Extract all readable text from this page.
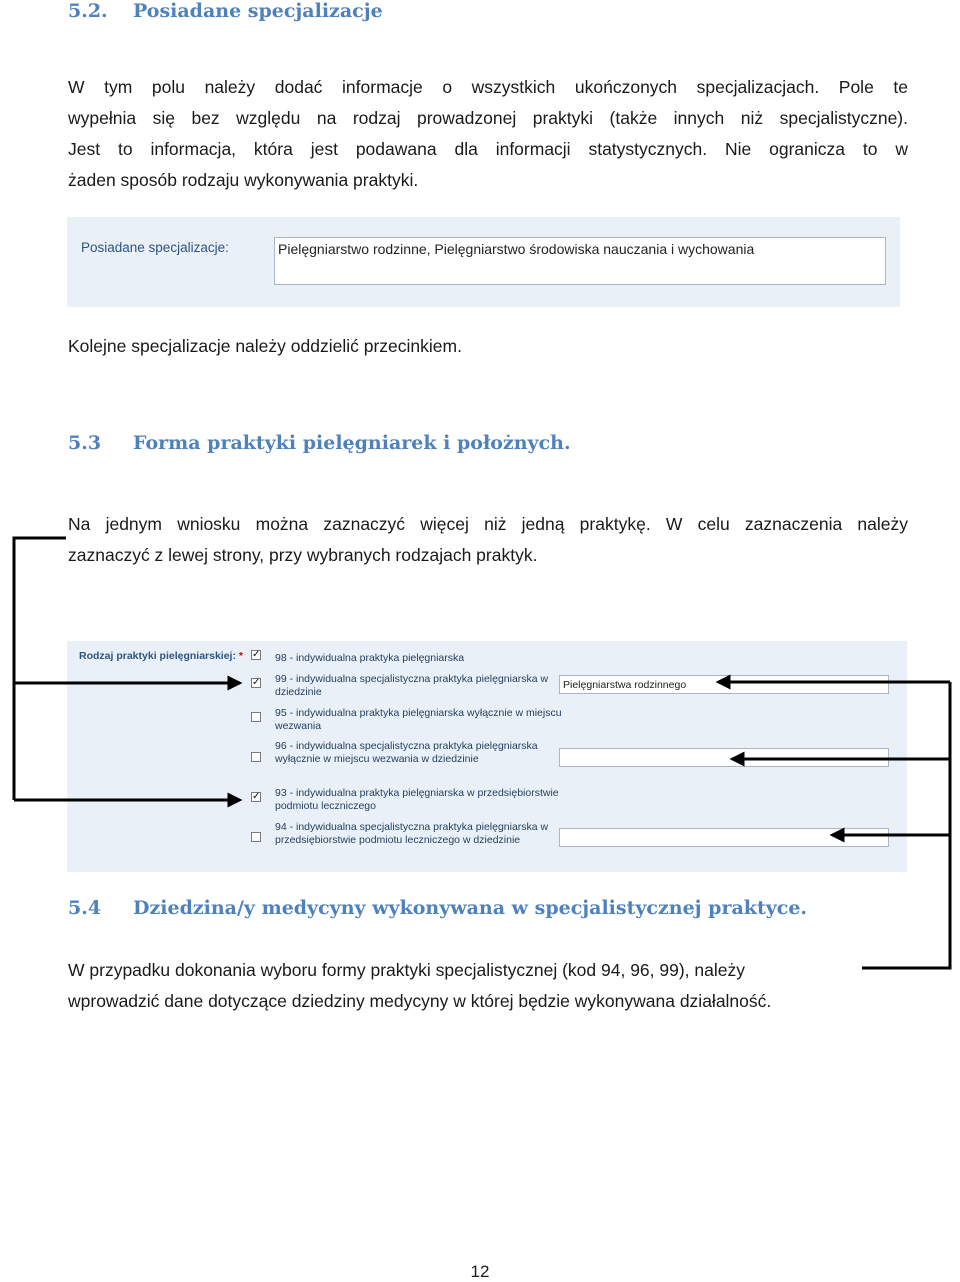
5.2. Posiadane specjalizacje

W tym polu należy dodać informacje o wszystkich ukończonych specjalizacjach. Pole te
wypełnia się bez względu na rodzaj prowadzonej praktyki (także innych niż specjalistyczne).
Jest to informacja, która jest podawana dla informacji statystycznych. Nie ogranicza to w
żaden sposób rodzaju wykonywania praktyki.

Posiadane specjalizacje:	Pielęgniarstwo rodzinne, Pielęgniarstwo środowiska nauczania i wychowania

Kolejne specjalizacje należy oddzielić przecinkiem.

5.3 Forma praktyki pielęgniarek i położnych.

Na jednym wniosku można zaznaczyć więcej niż jedną praktykę. W celu zaznaczenia należy
zaznaczyć z lewej strony, przy wybranych rodzajach praktyk.

Rodzaj praktyki pielęgniarskiej: * ✓ 98 - indywidualna praktyka pielęgniarska
✓ 99 - indywidualna specjalistyczna praktyka pielęgniarska w dziedzinie
Pielęgniarstwa rodzinnego
95 - indywidualna praktyka pielęgniarska wyłącznie w miejscu wezwania
96 - indywidualna specjalistyczna praktyka pielęgniarska wyłącznie w miejscu wezwania w dziedzinie
✓ 93 - indywidualna praktyka pielęgniarska w przedsiębiorstwie podmiotu leczniczego
94 - indywidualna specjalistyczna praktyka pielęgniarska w przedsiębiorstwie podmiotu leczniczego w dziedzinie
5.4 Dziedzina/y medycyny wykonywana w specjalistycznej praktyce.

W przypadku dokonania wyboru formy praktyki specjalistycznej (kod 94, 96, 99), należy
wprowadzić dane dotyczące dziedziny medycyny w której będzie wykonywana działalność.

12
